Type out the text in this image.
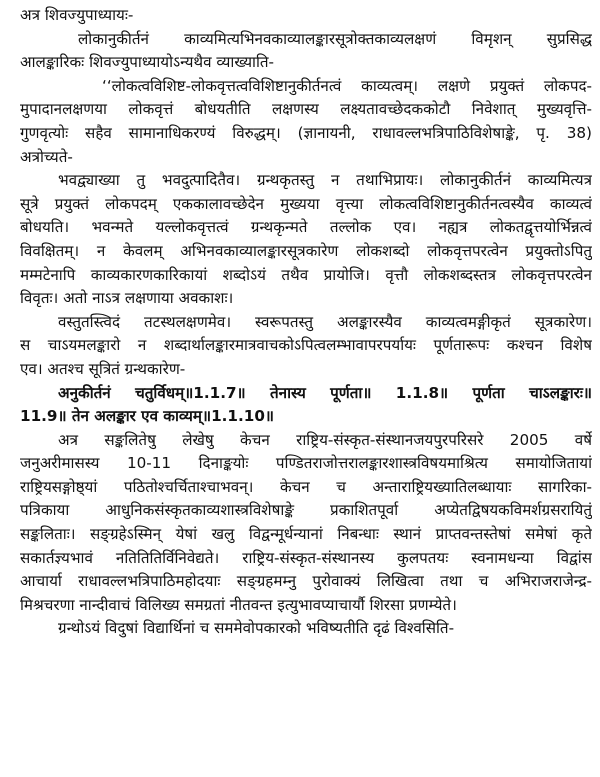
अत्र शिवज्युपाध्यायः-
लोकानुकीर्तनं काव्यमित्यभिनवकाव्यालङ्कारसूत्रोक्तकाव्यलक्षणं विमृशन् सुप्रसिद्ध
आलङ्कारिकः शिवज्युपाध्यायोऽन्यथैव व्याख्याति-
‘‘लोकत्वविशिष्ट-लोकवृत्तत्वविशिष्टानुकीर्तनत्वं काव्यत्वम्। लक्षणे प्रयुक्तं लोकपद-
मुपादानलक्षणया लोकवृत्तं बोधयतीति लक्षणस्य लक्ष्यतावच्छेदककोटौ निवेशात् मुख्यवृत्ति-
गुणवृत्योः सहैव सामानाधिकरण्यं विरुद्धम्। (ज्ञानायनी, राधावल्लभत्रिपाठिविशेषाङ्के, पृ. 38)
अत्रोच्यते-
भवद्व्याख्या तु भवदुत्पादितैव। ग्रन्थकृतस्तु न तथाभिप्रायः। लोकानुकीर्तनं काव्यमित्यत्र
सूत्रे प्रयुक्तं लोकपदम् एककालावच्छेदेन मुख्यया वृत्त्या लोकत्वविशिष्टानुकीर्तनत्वस्यैव काव्यत्वं
बोधयति। भवन्मते यल्लोकवृत्तत्वं ग्रन्थकृन्मते तल्लोक एव। नह्यत्र लोकतद्वृत्तयोर्भिन्नत्वं
विवक्षितम्। न केवलम् अभिनवकाव्यालङ्कारसूत्रकारेण लोकशब्दो लोकवृत्तपरत्वेन प्रयुक्तोऽपितु
मम्मटेनापि काव्यकारणकारिकायां शब्दोऽयं तथैव प्रायोजि। वृत्तौ लोकशब्दस्तत्र लोकवृत्तपरत्वेन
विवृतः। अतो नाऽत्र लक्षणाया अवकाशः।
वस्तुतस्त्विदं तटस्थलक्षणमेव। स्वरूपतस्तु अलङ्कारस्यैव काव्यत्वमङ्गीकृतं सूत्रकारेण।
स चाऽयमलङ्कारो न शब्दार्थालङ्कारमात्रवाचकोऽपित्वलम्भावापरपर्यायः पूर्णतारूपः कश्चन विशेष
एव। अतश्च सूत्रितं ग्रन्थकारेण-
अनुकीर्तनं चतुर्विधम्॥1.1.7॥ तेनास्य पूर्णता॥ 1.1.8॥ पूर्णता चाऽलङ्कारः॥
11.9॥ तेन अलङ्कार एव काव्यम्॥1.1.10॥
अत्र सङ्कलितेषु लेखेषु केचन राष्ट्रिय-संस्कृत-संस्थानजयपुरपरिसरे 2005 वर्षे
जनुअरीमासस्य 10-11 दिनाङ्कयोः पण्डितराजोत्तरालङ्कारशास्त्रविषयमाश्रित्य समायोजितायां
राष्ट्रियसङ्गोष्ठ्यां पठितोश्चर्चिताश्चाभवन्। केचन च अन्ताराष्ट्रियख्यातिलब्धायाः सागरिका-
पत्रिकाया आधुनिकसंस्कृतकाव्यशास्त्रविशेषाङ्के प्रकाशितपूर्वा अप्येतद्विषयकविमर्शग्रसरायितुं
सङ्कलिताः। सङ्ग्रहेऽस्मिन् येषां खलु विद्वन्मूर्धन्यानां निबन्धाः स्थानं प्राप्तवन्तस्तेषां समेषां कृते
सकार्तज्ञ्यभावं नतितितिर्विनिवेद्यते। राष्ट्रिय-संस्कृत-संस्थानस्य कुलपतयः स्वनामधन्या विद्वांस
आचार्या राधावल्लभत्रिपाठिमहोदयाः सङ्ग्रहमम्नु पुरोवाक्यं लिखित्वा तथा च अभिराजराजेन्द्र-
मिश्रचरणा नान्दीवाचं विलिख्य समग्रतां नीतवन्त इत्युभावप्याचार्यौ शिरसा प्रणम्येते।
ग्रन्थोऽयं विदुषां विद्यार्थिनां च सममेवोपकारको भविष्यतीति दृढं विश्वसिति-
